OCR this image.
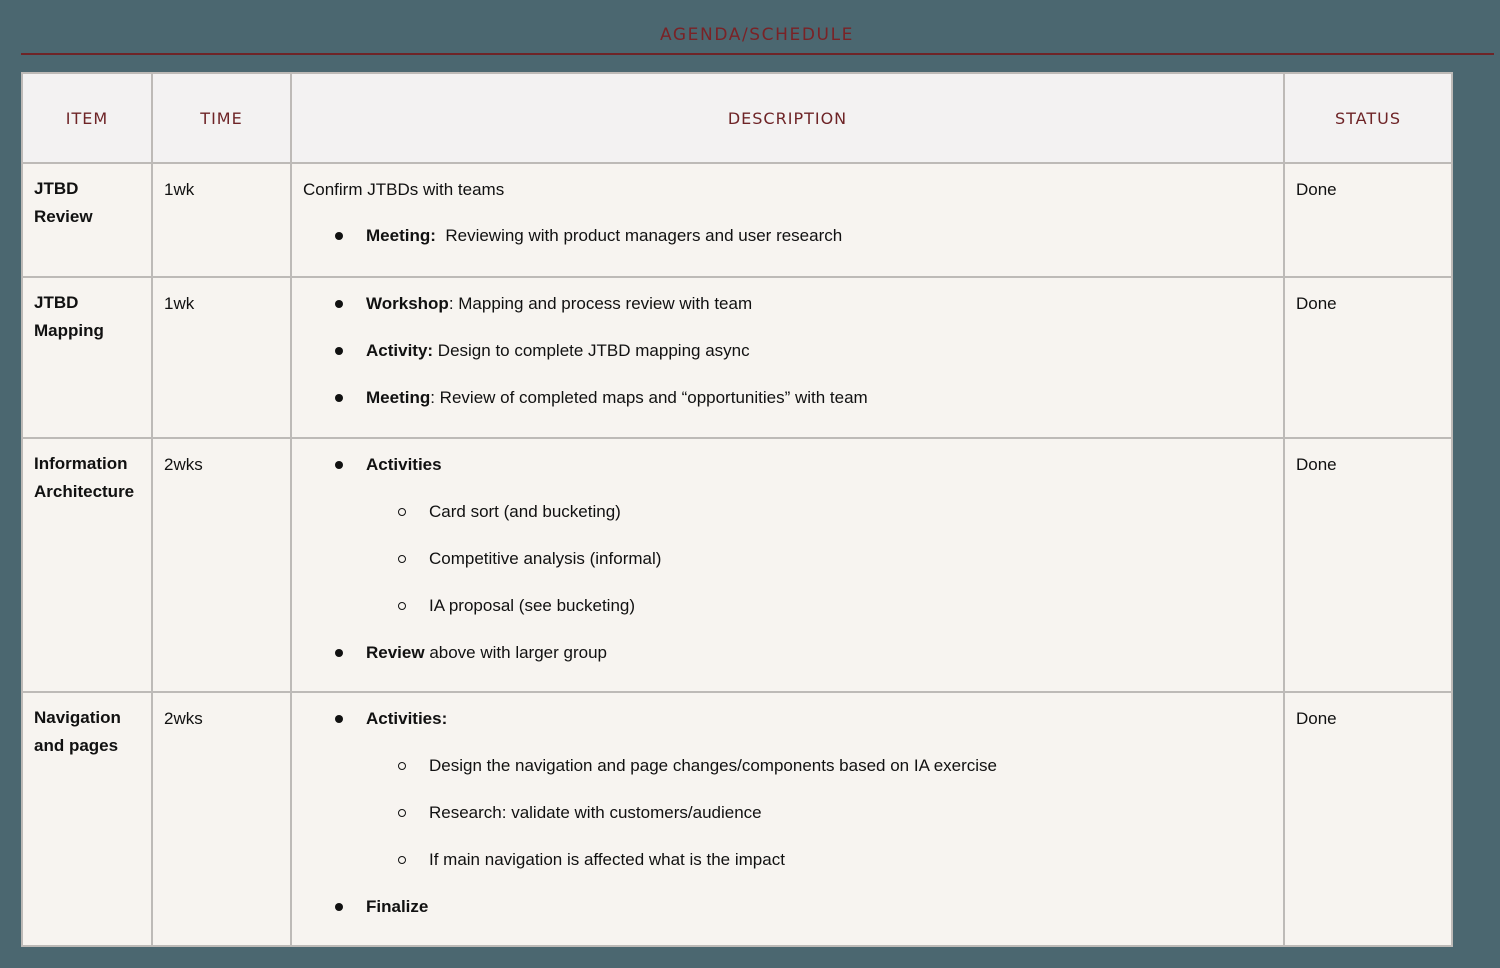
AGENDA/SCHEDULE
ITEM	TIME	DESCRIPTION	STATUS
JTBD Review	1wk	Confirm JTBDs with teams
Meeting:  Reviewing with product managers and user research
	Done
JTBD Mapping	1wk	Workshop: Mapping and process review with team
Activity: Design to complete JTBD mapping async
Meeting: Review of completed maps and “opportunities” with team
	Done
Information Architecture	2wks	Activities
Card sort (and bucketing)
Competitive analysis (informal)
IA proposal (see bucketing)
Review above with larger group
	Done
Navigation and pages	2wks	Activities:
Design the navigation and page changes/components based on IA exercise
Research: validate with customers/audience
If main navigation is affected what is the impact
Finalize
	Done
